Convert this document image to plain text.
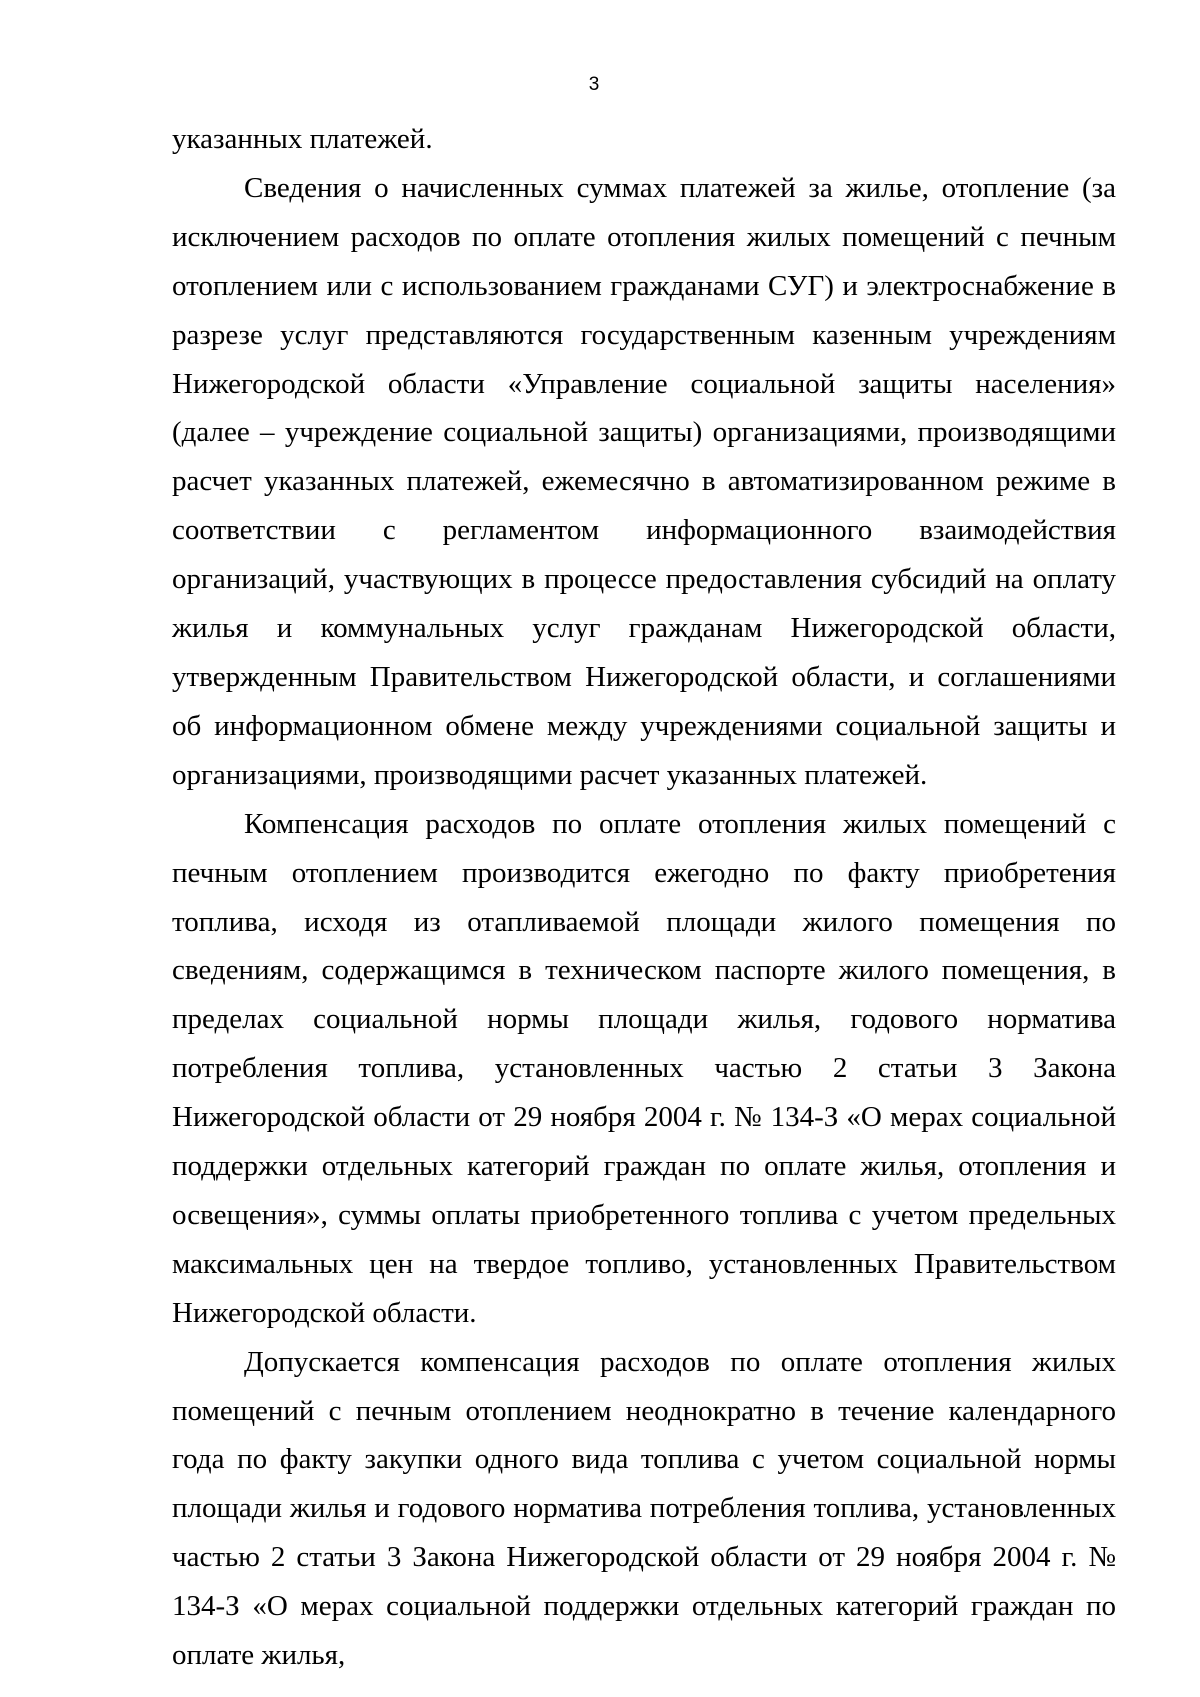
3

указанных платежей.

Сведения о начисленных суммах платежей за жилье, отопление (за исключением расходов по оплате отопления жилых помещений с печным отоплением или с использованием гражданами СУГ) и электроснабжение в разрезе услуг представляются государственным казенным учреждениям Нижегородской области «Управление социальной защиты населения» (далее – учреждение социальной защиты) организациями, производящими расчет указанных платежей, ежемесячно в автоматизированном режиме в соответствии с регламентом информационного взаимодействия организаций, участвующих в процессе предоставления субсидий на оплату жилья и коммунальных услуг гражданам Нижегородской области, утвержденным Правительством Нижегородской области, и соглашениями об информационном обмене между учреждениями социальной защиты и организациями, производящими расчет указанных платежей.

Компенсация расходов по оплате отопления жилых помещений с печным отоплением производится ежегодно по факту приобретения топлива, исходя из отапливаемой площади жилого помещения по сведениям, содержащимся в техническом паспорте жилого помещения, в пределах социальной нормы площади жилья, годового норматива потребления топлива, установленных частью 2 статьи 3 Закона Нижегородской области от 29 ноября 2004 г. № 134-З «О мерах социальной поддержки отдельных категорий граждан по оплате жилья, отопления и освещения», суммы оплаты приобретенного топлива с учетом предельных максимальных цен на твердое топливо, установленных Правительством Нижегородской области.

Допускается компенсация расходов по оплате отопления жилых помещений с печным отоплением неоднократно в течение календарного года по факту закупки одного вида топлива с учетом социальной нормы площади жилья и годового норматива потребления топлива, установленных частью 2 статьи 3 Закона Нижегородской области от 29 ноября 2004 г. № 134-З «О мерах социальной поддержки отдельных категорий граждан по оплате жилья,
